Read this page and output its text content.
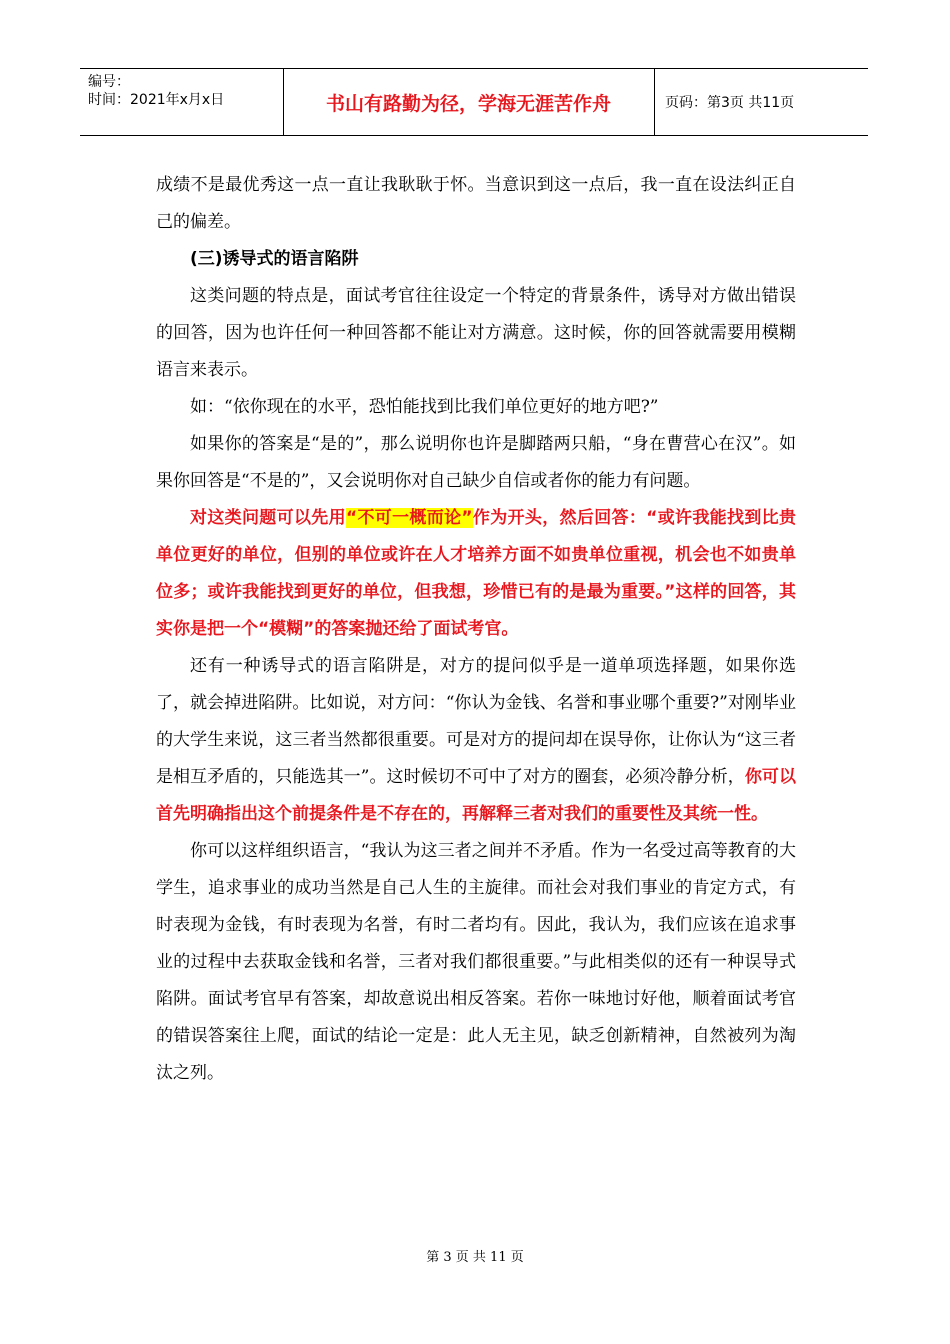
编号：
时间：2021年x月x日	书山有路勤为径，学海无涯苦作舟	页码：第3页 共11页

成绩不是最优秀这一点一直让我耿耿于怀。当意识到这一点后，我一直在设法纠正自己的偏差。

(三)诱导式的语言陷阱

这类问题的特点是，面试考官往往设定一个特定的背景条件，诱导对方做出错误的回答，因为也许任何一种回答都不能让对方满意。这时候，你的回答就需要用模糊语言来表示。

如：“依你现在的水平，恐怕能找到比我们单位更好的地方吧?”

如果你的答案是“是的”，那么说明你也许是脚踏两只船，“身在曹营心在汉”。如果你回答是“不是的”，又会说明你对自己缺少自信或者你的能力有问题。

对这类问题可以先用“不可一概而论”作为开头，然后回答：“或许我能找到比贵单位更好的单位，但别的单位或许在人才培养方面不如贵单位重视，机会也不如贵单位多；或许我能找到更好的单位，但我想，珍惜已有的是最为重要。”这样的回答，其实你是把一个“模糊”的答案抛还给了面试考官。

还有一种诱导式的语言陷阱是，对方的提问似乎是一道单项选择题，如果你选了，就会掉进陷阱。比如说，对方问：“你认为金钱、名誉和事业哪个重要?”对刚毕业的大学生来说，这三者当然都很重要。可是对方的提问却在误导你，让你认为“这三者是相互矛盾的，只能选其一”。这时候切不可中了对方的圈套，必须冷静分析，你可以首先明确指出这个前提条件是不存在的，再解释三者对我们的重要性及其统一性。

你可以这样组织语言，“我认为这三者之间并不矛盾。作为一名受过高等教育的大学生，追求事业的成功当然是自己人生的主旋律。而社会对我们事业的肯定方式，有时表现为金钱，有时表现为名誉，有时二者均有。因此，我认为，我们应该在追求事业的过程中去获取金钱和名誉，三者对我们都很重要。”与此相类似的还有一种误导式陷阱。面试考官早有答案，却故意说出相反答案。若你一味地讨好他，顺着面试考官的错误答案往上爬，面试的结论一定是：此人无主见，缺乏创新精神，自然被列为淘汰之列。

第 3 页 共 11 页
